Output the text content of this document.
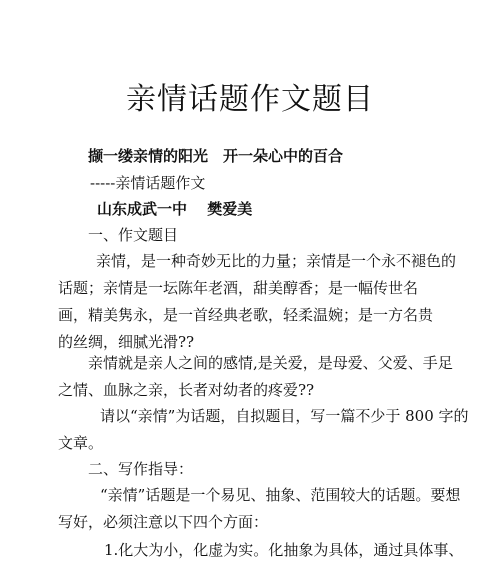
亲情话题作文题目

撷一缕亲情的阳光　开一朵心中的百合

-----亲情话题作文

山东成武一中　 樊爱美

一、作文题目

亲情，是一种奇妙无比的力量；亲情是一个永不褪色的
话题；亲情是一坛陈年老酒，甜美醇香；是一幅传世名
画，精美隽永，是一首经典老歌，轻柔温婉；是一方名贵
的丝绸，细腻光滑??
亲情就是亲人之间的感情,是关爱，是母爱、父爱、手足
之情、血脉之亲，长者对幼者的疼爱??
请以“亲情”为话题，自拟题目，写一篇不少于 800 字的
文章。

二、写作指导：

“亲情”话题是一个易见、抽象、范围较大的话题。要想
写好，必须注意以下四个方面：
1.化大为小，化虚为实。化抽象为具体，通过具体事、
